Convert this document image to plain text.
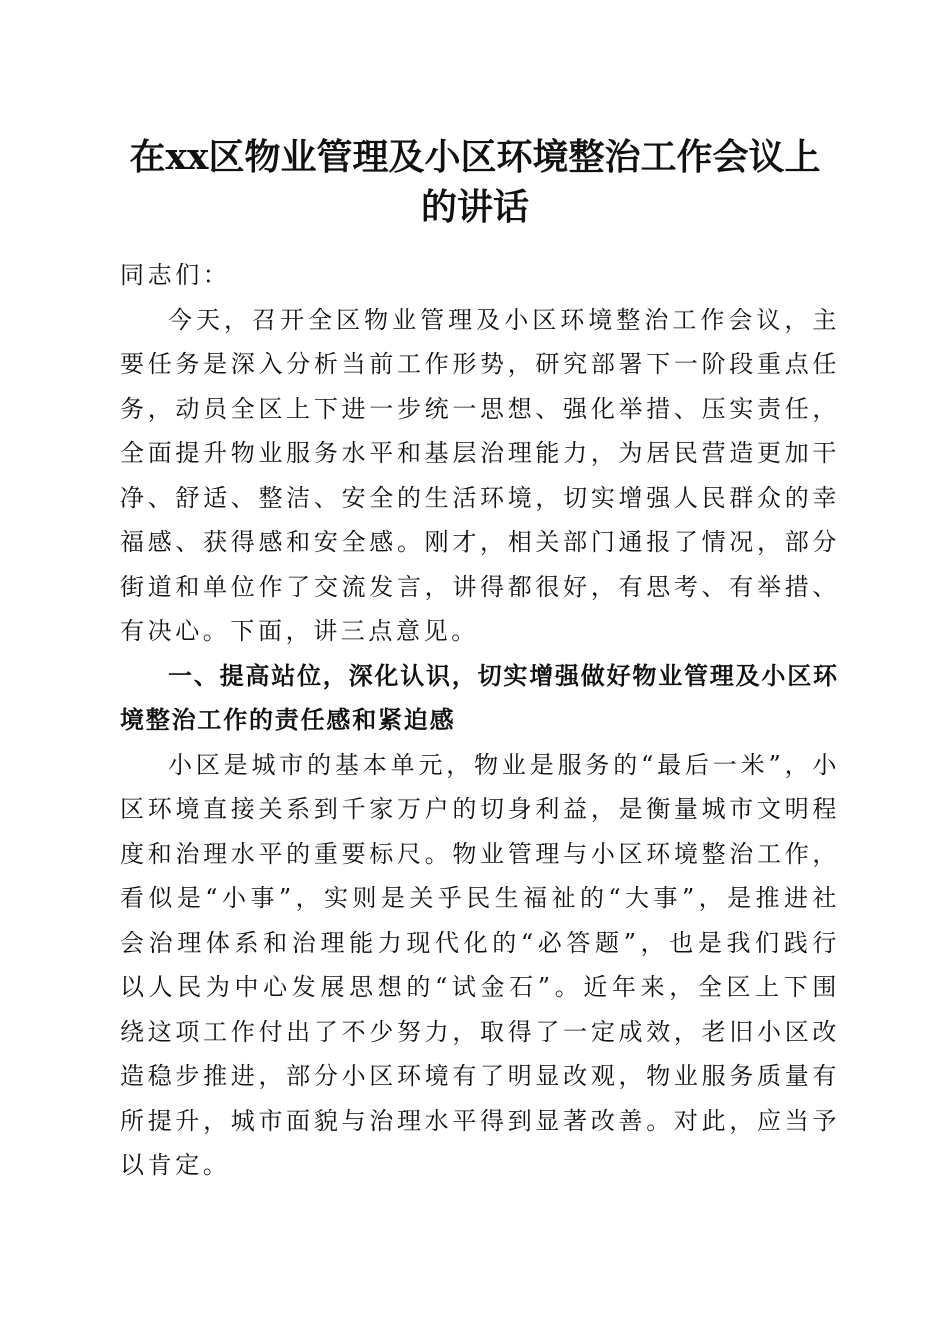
在xx区物业管理及小区环境整治工作会议上
的讲话

同志们：

今天，召开全区物业管理及小区环境整治工作会议，主要任务是深入分析当前工作形势，研究部署下一阶段重点任务，动员全区上下进一步统一思想、强化举措、压实责任，全面提升物业服务水平和基层治理能力，为居民营造更加干净、舒适、整洁、安全的生活环境，切实增强人民群众的幸福感、获得感和安全感。刚才，相关部门通报了情况，部分街道和单位作了交流发言，讲得都很好，有思考、有举措、有决心。下面，讲三点意见。

一、提高站位，深化认识，切实增强做好物业管理及小区环境整治工作的责任感和紧迫感

小区是城市的基本单元，物业是服务的“最后一米”，小区环境直接关系到千家万户的切身利益，是衡量城市文明程度和治理水平的重要标尺。物业管理与小区环境整治工作，看似是“小事”，实则是关乎民生福祉的“大事”，是推进社会治理体系和治理能力现代化的“必答题”，也是我们践行以人民为中心发展思想的“试金石”。近年来，全区上下围绕这项工作付出了不少努力，取得了一定成效，老旧小区改造稳步推进，部分小区环境有了明显改观，物业服务质量有所提升，城市面貌与治理水平得到显著改善。对此，应当予以肯定。
